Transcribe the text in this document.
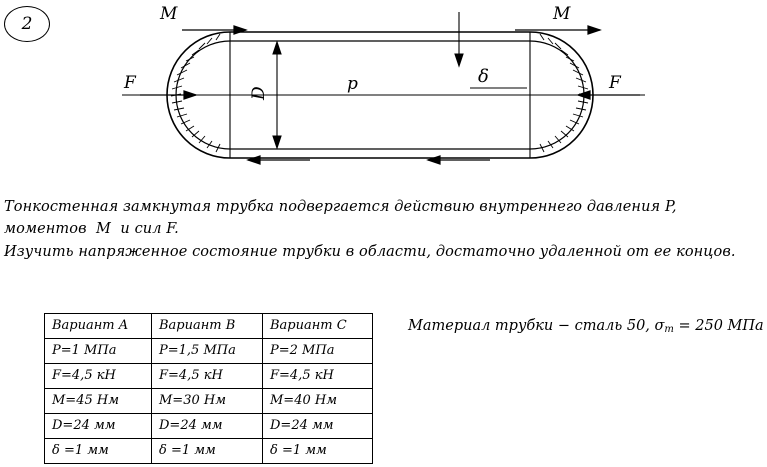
2	M	M
F	F
p	δ
D

Тонкостенная замкнутая трубка подвергается действию внутреннего давления P,

моментов M и сил F.

Изучить напряженное состояние трубки в области, достаточно удаленной от ее концов.

Вариант A	Вариант B	Вариант C
P=1 МПа	P=1,5 МПа	P=2 МПа
F=4,5 кН	F=4,5 кН	F=4,5 кН
M=45 Нм	M=30 Нм	M=40 Нм
D=24 мм	D=24 мм	D=24 мм
δ =1 мм	δ =1 мм	δ =1 мм
Материал трубки − сталь 50, $\sigma_т = 250$ МПа
